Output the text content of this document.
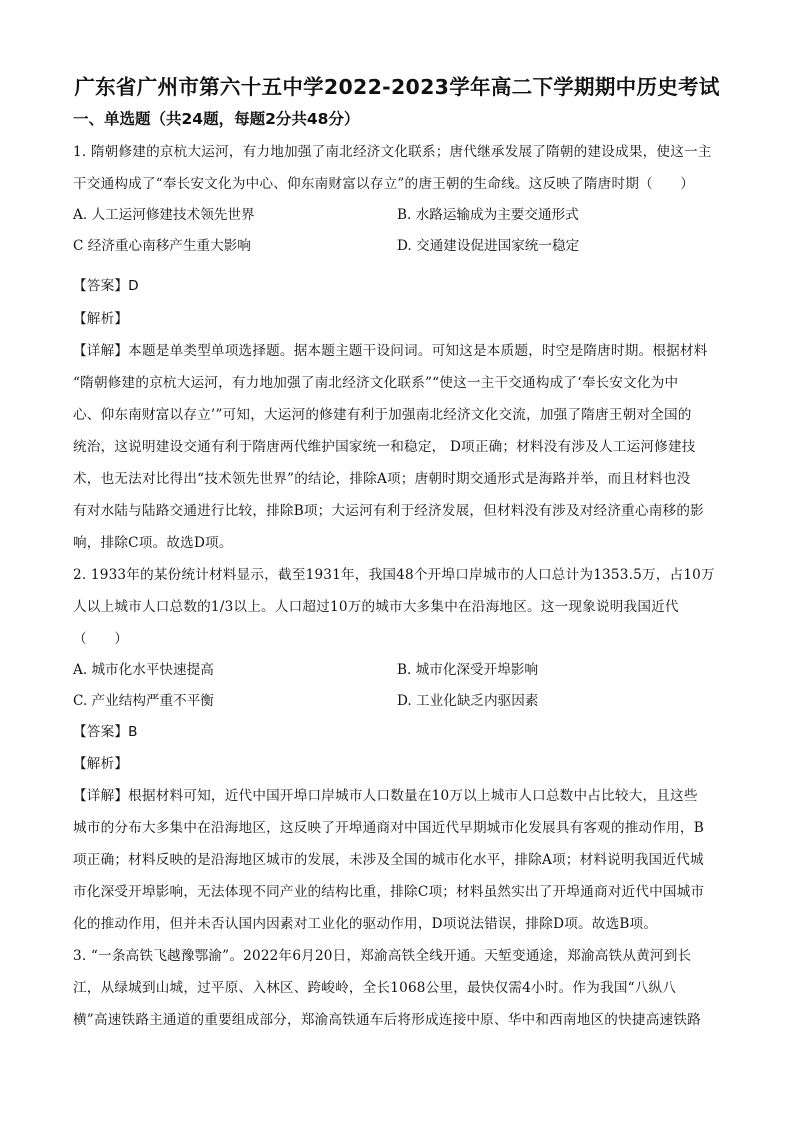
广东省广州市第六十五中学2022-2023学年高二下学期期中历史考试
一、单选题（共24题，每题2分共48分）
1. 隋朝修建的京杭大运河，有力地加强了南北经济文化联系；唐代继承发展了隋朝的建设成果，使这一主
干交通构成了“奉长安文化为中心、仰东南财富以存立”的唐王朝的生命线。这反映了隋唐时期（　　）
A. 人工运河修建技术领先世界	B. 水路运输成为主要交通形式
C 经济重心南移产生重大影响	D. 交通建设促进国家统一稳定
【答案】D
【解析】
【详解】本题是单类型单项选择题。据本题主题干设问词。可知这是本质题，时空是隋唐时期。根据材料
“隋朝修建的京杭大运河，有力地加强了南北经济文化联系”“使这一主干交通构成了‘奉长安文化为中
心、仰东南财富以存立’”可知，大运河的修建有利于加强南北经济文化交流，加强了隋唐王朝对全国的
统治，这说明建设交通有利于隋唐两代维护国家统一和稳定， D项正确；材料没有涉及人工运河修建技
术，也无法对比得出“技术领先世界”的结论，排除A项；唐朝时期交通形式是海路并举，而且材料也没
有对水陆与陆路交通进行比较，排除B项；大运河有利于经济发展，但材料没有涉及对经济重心南移的影
响，排除C项。故选D项。
2. 1933年的某份统计材料显示，截至1931年，我国48个开埠口岸城市的人口总计为1353.5万，占10万
人以上城市人口总数的1/3以上。人口超过10万的城市大多集中在沿海地区。这一现象说明我国近代
（　　）
A. 城市化水平快速提高	B. 城市化深受开埠影响
C. 产业结构严重不平衡	D. 工业化缺乏内驱因素
【答案】B
【解析】
【详解】根据材料可知，近代中国开埠口岸城市人口数量在10万以上城市人口总数中占比较大，且这些
城市的分布大多集中在沿海地区，这反映了开埠通商对中国近代早期城市化发展具有客观的推动作用，B
项正确；材料反映的是沿海地区城市的发展，未涉及全国的城市化水平，排除A项；材料说明我国近代城
市化深受开埠影响，无法体现不同产业的结构比重，排除C项；材料虽然实出了开埠通商对近代中国城市
化的推动作用，但并未否认国内因素对工业化的驱动作用，D项说法错误，排除D项。故选B项。
3. “一条高铁飞越豫鄂渝”。2022年6月20日，郑渝高铁全线开通。天堑变通途，郑渝高铁从黄河到长
江，从绿城到山城，过平原、入林区、跨峻岭，全长1068公里，最快仅需4小时。作为我国“八纵八
横”高速铁路主通道的重要组成部分，郑渝高铁通车后将形成连接中原、华中和西南地区的快捷高速铁路
